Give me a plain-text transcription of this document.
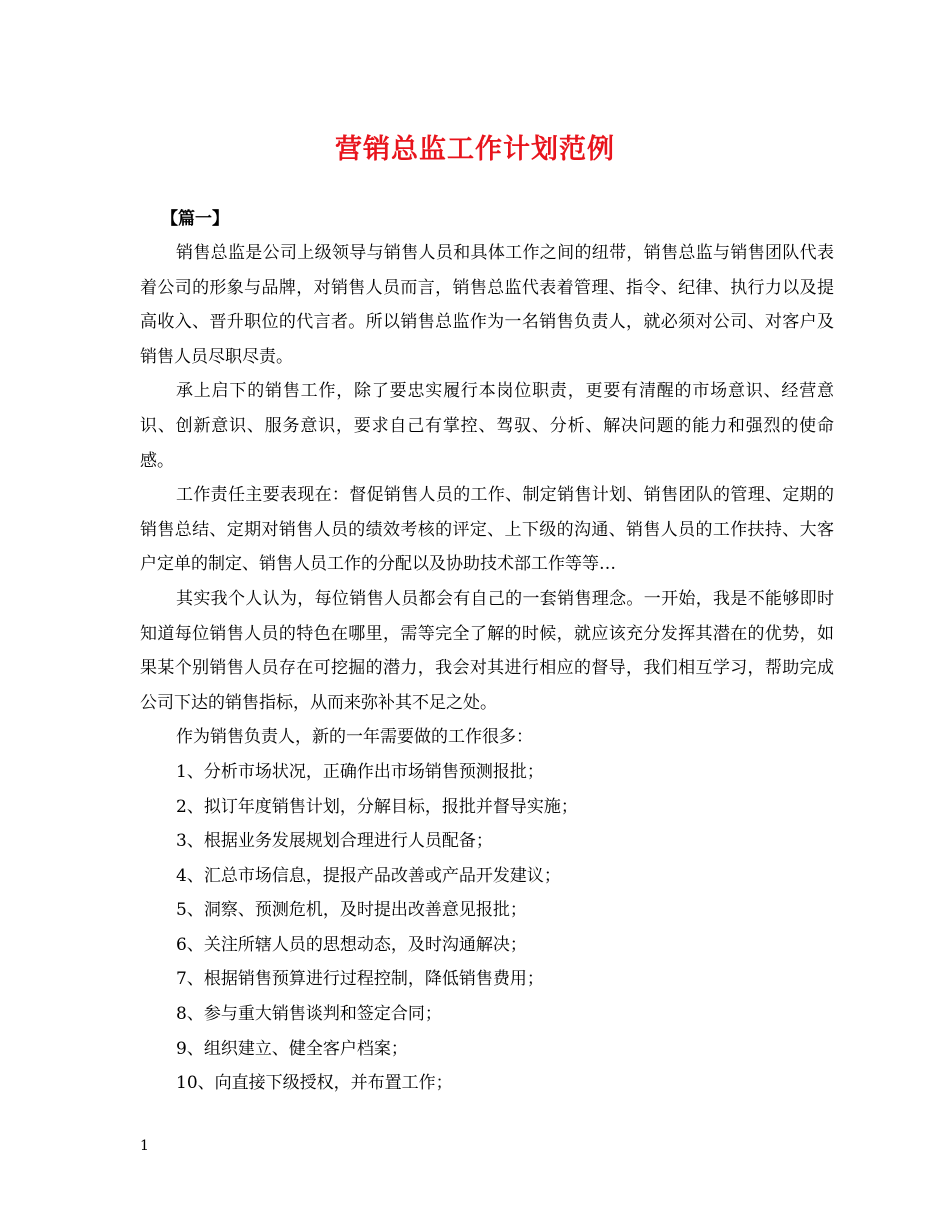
营销总监工作计划范例
【篇一】

销售总监是公司上级领导与销售人员和具体工作之间的纽带，销售总监与销售团队代表着公司的形象与品牌，对销售人员而言，销售总监代表着管理、指令、纪律、执行力以及提高收入、晋升职位的代言者。所以销售总监作为一名销售负责人，就必须对公司、对客户及销售人员尽职尽责。

承上启下的销售工作，除了要忠实履行本岗位职责，更要有清醒的市场意识、经营意识、创新意识、服务意识，要求自己有掌控、驾驭、分析、解决问题的能力和强烈的使命感。

工作责任主要表现在：督促销售人员的工作、制定销售计划、销售团队的管理、定期的销售总结、定期对销售人员的绩效考核的评定、上下级的沟通、销售人员的工作扶持、大客户定单的制定、销售人员工作的分配以及协助技术部工作等等…

其实我个人认为，每位销售人员都会有自己的一套销售理念。一开始，我是不能够即时知道每位销售人员的特色在哪里，需等完全了解的时候，就应该充分发挥其潜在的优势，如果某个别销售人员存在可挖掘的潜力，我会对其进行相应的督导，我们相互学习，帮助完成公司下达的销售指标，从而来弥补其不足之处。

作为销售负责人，新的一年需要做的工作很多：

1、分析市场状况，正确作出市场销售预测报批；

2、拟订年度销售计划，分解目标，报批并督导实施；

3、根据业务发展规划合理进行人员配备；

4、汇总市场信息，提报产品改善或产品开发建议；

5、洞察、预测危机，及时提出改善意见报批；

6、关注所辖人员的思想动态，及时沟通解决；

7、根据销售预算进行过程控制，降低销售费用；

8、参与重大销售谈判和签定合同；

9、组织建立、健全客户档案；

10、向直接下级授权，并布置工作；

1
